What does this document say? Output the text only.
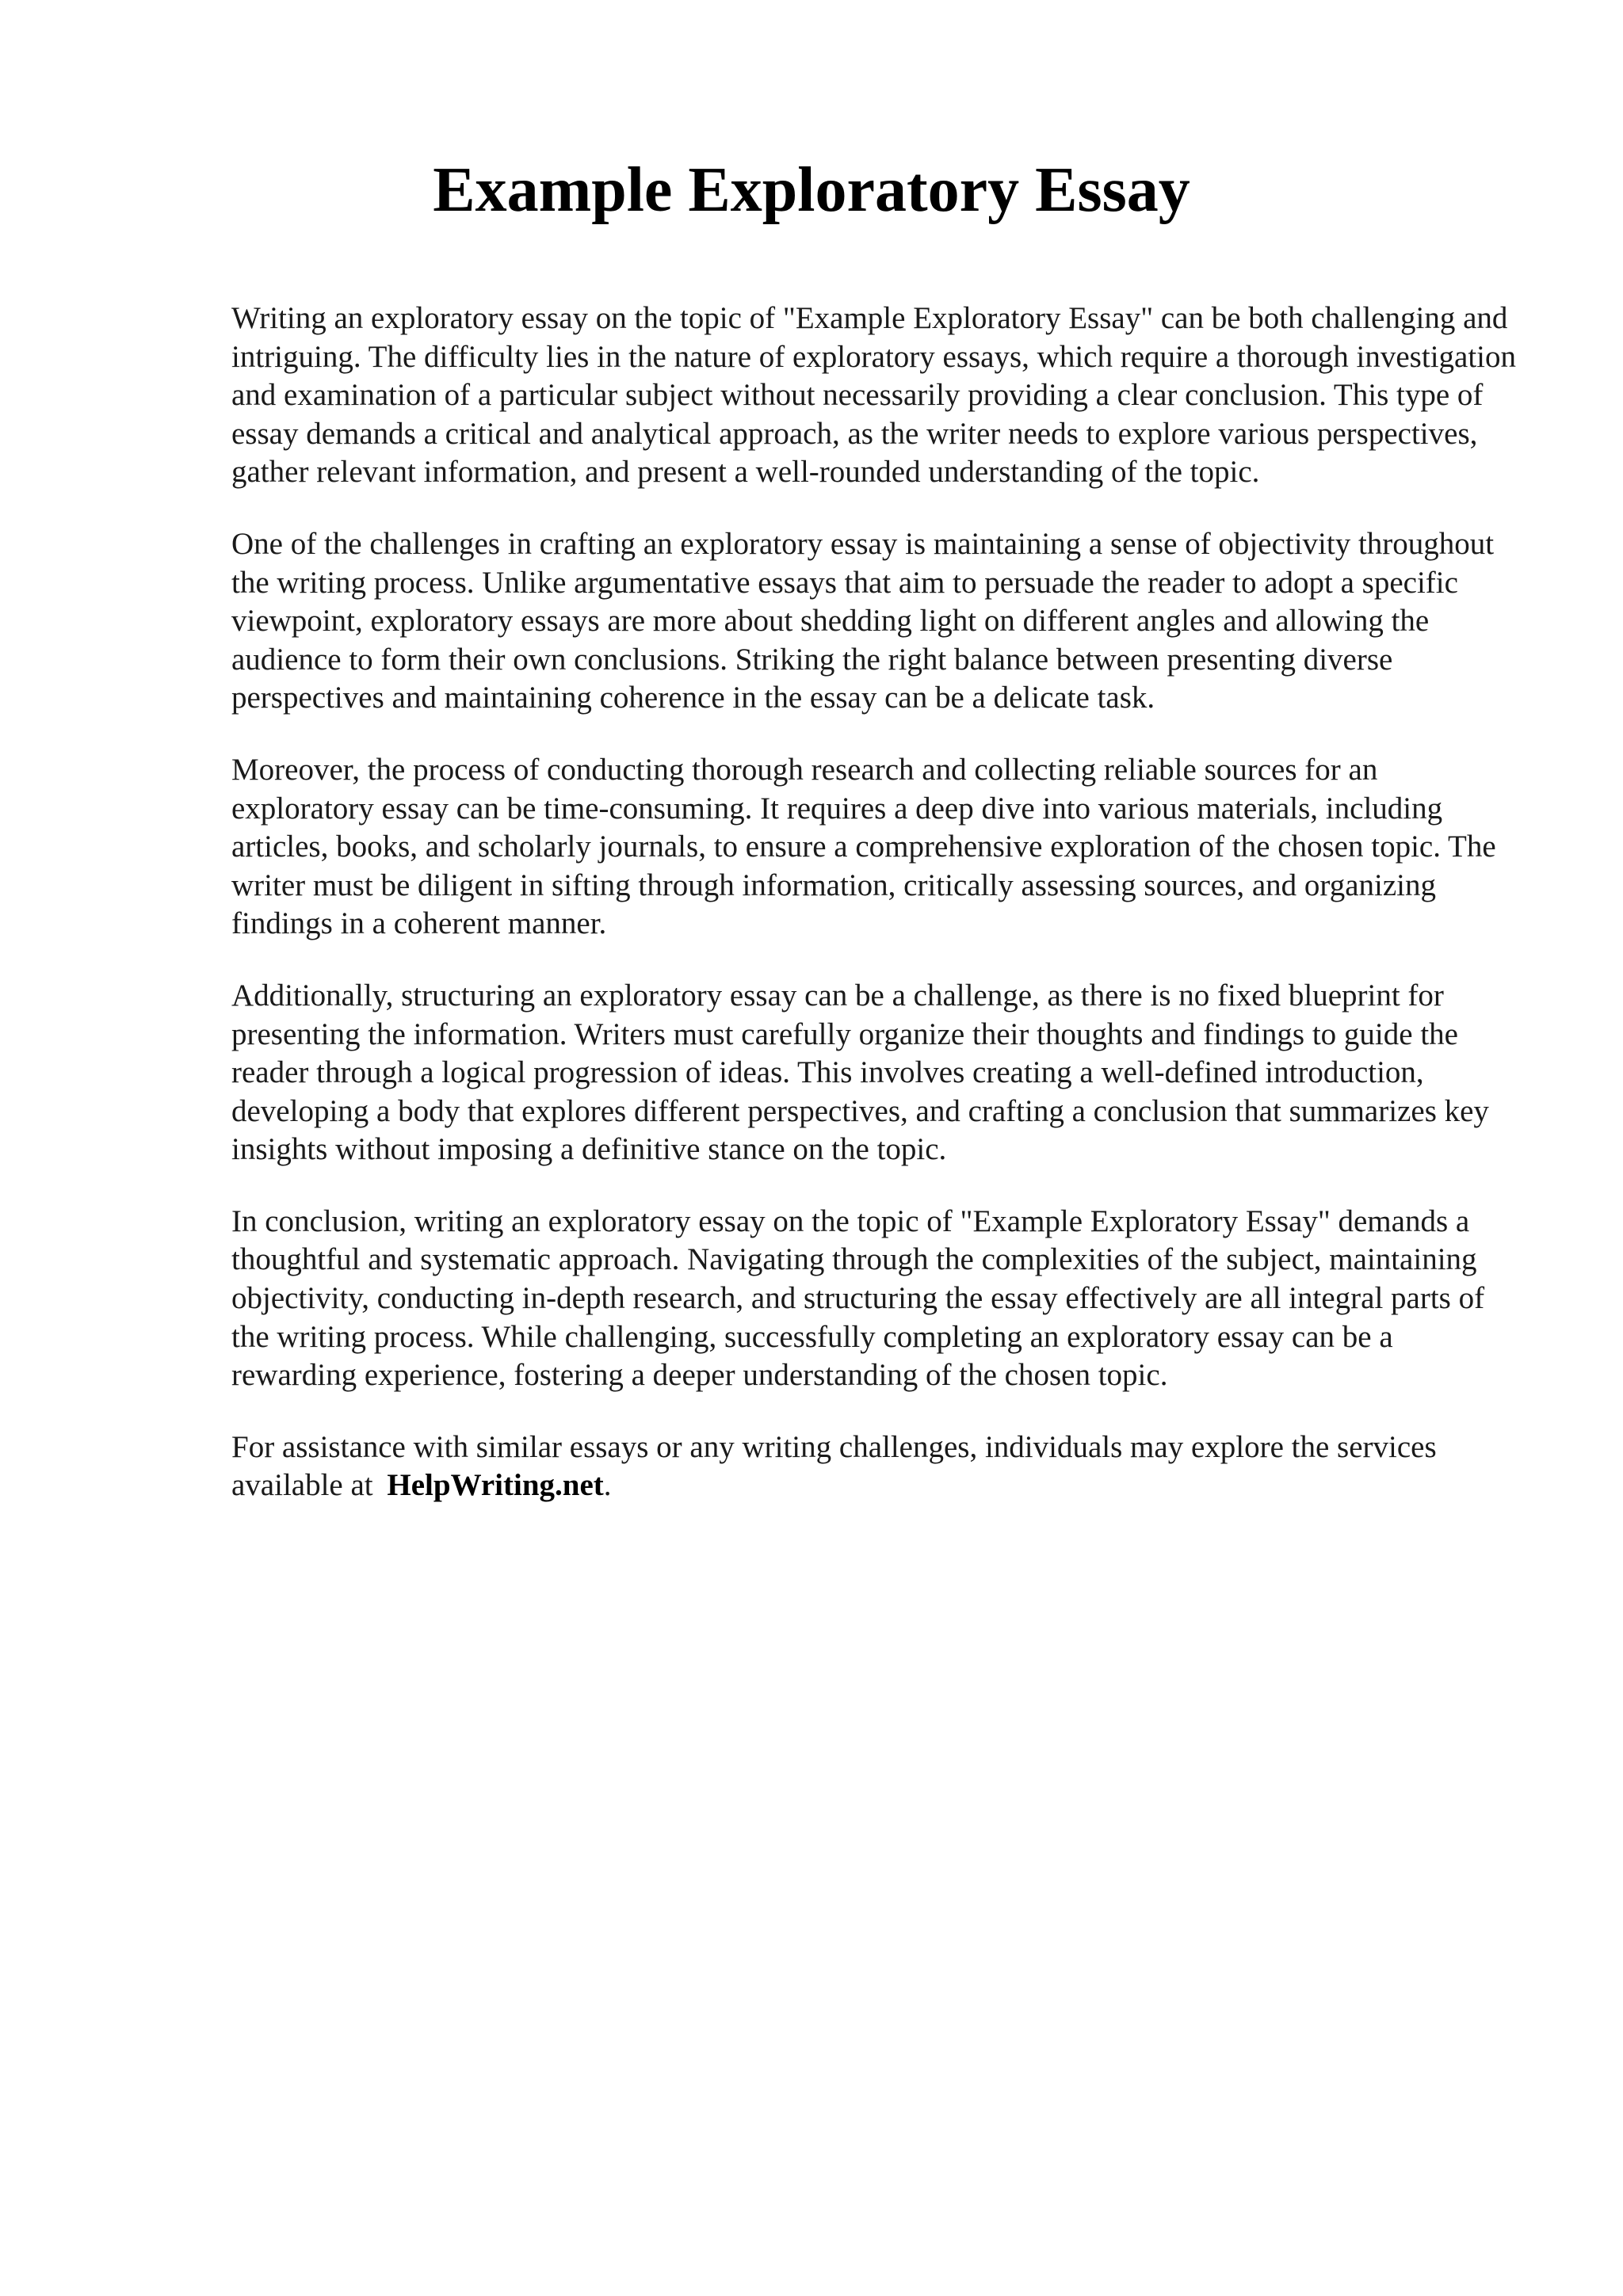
Example Exploratory Essay

Writing an exploratory essay on the topic of "Example Exploratory Essay" can be both challenging and intriguing. The difficulty lies in the nature of exploratory essays, which require a thorough investigation and examination of a particular subject without necessarily providing a clear conclusion. This type of essay demands a critical and analytical approach, as the writer needs to explore various perspectives, gather relevant information, and present a well-rounded understanding of the topic.

One of the challenges in crafting an exploratory essay is maintaining a sense of objectivity throughout the writing process. Unlike argumentative essays that aim to persuade the reader to adopt a specific viewpoint, exploratory essays are more about shedding light on different angles and allowing the audience to form their own conclusions. Striking the right balance between presenting diverse perspectives and maintaining coherence in the essay can be a delicate task.

Moreover, the process of conducting thorough research and collecting reliable sources for an exploratory essay can be time-consuming. It requires a deep dive into various materials, including articles, books, and scholarly journals, to ensure a comprehensive exploration of the chosen topic. The writer must be diligent in sifting through information, critically assessing sources, and organizing findings in a coherent manner.

Additionally, structuring an exploratory essay can be a challenge, as there is no fixed blueprint for presenting the information. Writers must carefully organize their thoughts and findings to guide the reader through a logical progression of ideas. This involves creating a well-defined introduction, developing a body that explores different perspectives, and crafting a conclusion that summarizes key insights without imposing a definitive stance on the topic.

In conclusion, writing an exploratory essay on the topic of "Example Exploratory Essay" demands a thoughtful and systematic approach. Navigating through the complexities of the subject, maintaining objectivity, conducting in-depth research, and structuring the essay effectively are all integral parts of the writing process. While challenging, successfully completing an exploratory essay can be a rewarding experience, fostering a deeper understanding of the chosen topic.

For assistance with similar essays or any writing challenges, individuals may explore the services available at HelpWriting.net.
